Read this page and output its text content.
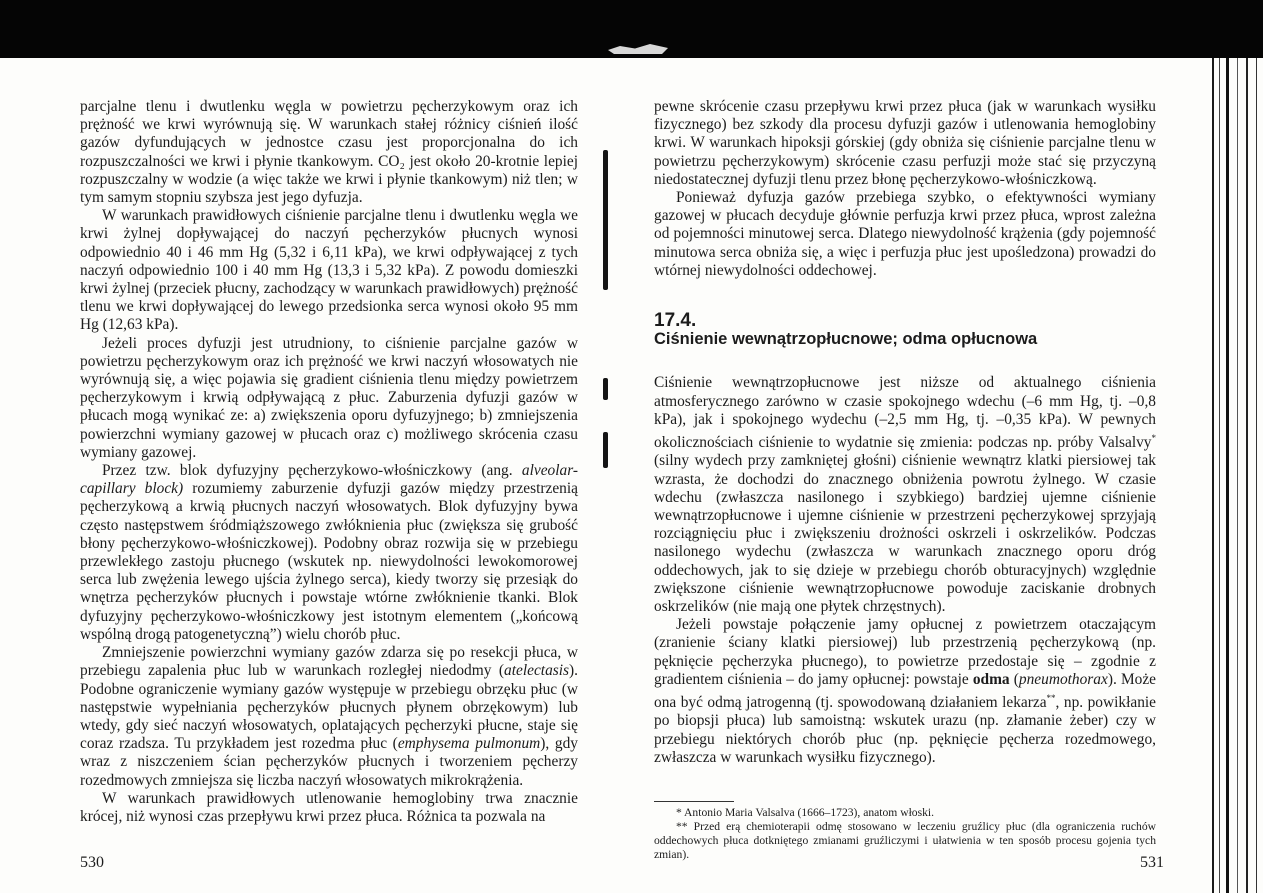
parcjalne tlenu i dwutlenku węgla w powietrzu pęcherzykowym oraz ich prężność we krwi wyrównują się. W warunkach stałej różnicy ciśnień ilość gazów dyfundujących w jednostce czasu jest proporcjonalna do ich rozpuszczalności we krwi i płynie tkankowym. CO₂ jest około 20-krotnie lepiej rozpuszczalny w wodzie (a więc także we krwi i płynie tkankowym) niż tlen; w tym samym stopniu szybsza jest jego dyfuzja.

W warunkach prawidłowych ciśnienie parcjalne tlenu i dwutlenku węgla we krwi żylnej dopływającej do naczyń pęcherzyków płucnych wynosi odpowiednio 40 i 46 mm Hg (5,32 i 6,11 kPa), we krwi odpływającej z tych naczyń odpowiednio 100 i 40 mm Hg (13,3 i 5,32 kPa). Z powodu domieszki krwi żylnej (przeciek płucny, zachodzący w warunkach prawidłowych) prężność tlenu we krwi dopływającej do lewego przedsionka serca wynosi około 95 mm Hg (12,63 kPa).

Jeżeli proces dyfuzji jest utrudniony, to ciśnienie parcjalne gazów w powietrzu pęcherzykowym oraz ich prężność we krwi naczyń włosowatych nie wyrównują się, a więc pojawia się gradient ciśnienia tlenu między powietrzem pęcherzykowym i krwią odpływającą z płuc. Zaburzenia dyfuzji gazów w płucach mogą wynikać ze: a) zwiększenia oporu dyfuzyjnego; b) zmniejszenia powierzchni wymiany gazowej w płucach oraz c) możliwego skrócenia czasu wymiany gazowej.

Przez tzw. blok dyfuzyjny pęcherzykowo-włośniczkowy (ang. alveolar-capillary block) rozumiemy zaburzenie dyfuzji gazów między przestrzenią pęcherzykową a krwią płucnych naczyń włosowatych. Blok dyfuzyjny bywa często następstwem śródmiąższowego zwłóknienia płuc (zwiększa się grubość błony pęcherzykowo-włośniczkowej). Podobny obraz rozwija się w przebiegu przewlekłego zastoju płucnego (wskutek np. niewydolności lewokomorowej serca lub zwężenia lewego ujścia żylnego serca), kiedy tworzy się przesiąk do wnętrza pęcherzyków płucnych i powstaje wtórne zwłóknienie tkanki. Blok dyfuzyjny pęcherzykowo-włośniczkowy jest istotnym elementem („końcową wspólną drogą patogenetyczną”) wielu chorób płuc.

Zmniejszenie powierzchni wymiany gazów zdarza się po resekcji płuca, w przebiegu zapalenia płuc lub w warunkach rozległej niedodmy (atelectasis). Podobne ograniczenie wymiany gazów występuje w przebiegu obrzęku płuc (w następstwie wypełniania pęcherzyków płucnych płynem obrzękowym) lub wtedy, gdy sieć naczyń włosowatych, oplatających pęcherzyki płucne, staje się coraz rzadsza. Tu przykładem jest rozedma płuc (emphysema pulmonum), gdy wraz z niszczeniem ścian pęcherzyków płucnych i tworzeniem pęcherzy rozedmowych zmniejsza się liczba naczyń włosowatych mikrokrążenia.

W warunkach prawidłowych utlenowanie hemoglobiny trwa znacznie krócej, niż wynosi czas przepływu krwi przez płuca. Różnica ta pozwala na

530

pewne skrócenie czasu przepływu krwi przez płuca (jak w warunkach wysiłku fizycznego) bez szkody dla procesu dyfuzji gazów i utlenowania hemoglobiny krwi. W warunkach hipoksji górskiej (gdy obniża się ciśnienie parcjalne tlenu w powietrzu pęcherzykowym) skrócenie czasu perfuzji może stać się przyczyną niedostatecznej dyfuzji tlenu przez błonę pęcherzykowo-włośniczkową.

Ponieważ dyfuzja gazów przebiega szybko, o efektywności wymiany gazowej w płucach decyduje głównie perfuzja krwi przez płuca, wprost zależna od pojemności minutowej serca. Dlatego niewydolność krążenia (gdy pojemność minutowa serca obniża się, a więc i perfuzja płuc jest upośledzona) prowadzi do wtórnej niewydolności oddechowej.

17.4.
Ciśnienie wewnątrzopłucnowe; odma opłucnowa

Ciśnienie wewnątrzopłucnowe jest niższe od aktualnego ciśnienia atmosferycznego zarówno w czasie spokojnego wdechu (–6 mm Hg, tj. –0,8 kPa), jak i spokojnego wydechu (–2,5 mm Hg, tj. –0,35 kPa). W pewnych okolicznościach ciśnienie to wydatnie się zmienia: podczas np. próby Valsalvy* (silny wydech przy zamkniętej głośni) ciśnienie wewnątrz klatki piersiowej tak wzrasta, że dochodzi do znacznego obniżenia powrotu żylnego. W czasie wdechu (zwłaszcza nasilonego i szybkiego) bardziej ujemne ciśnienie wewnątrzopłucnowe i ujemne ciśnienie w przestrzeni pęcherzykowej sprzyjają rozciągnięciu płuc i zwiększeniu drożności oskrzeli i oskrzelików. Podczas nasilonego wydechu (zwłaszcza w warunkach znacznego oporu dróg oddechowych, jak to się dzieje w przebiegu chorób obturacyjnych) względnie zwiększone ciśnienie wewnątrzopłucnowe powoduje zaciskanie drobnych oskrzelików (nie mają one płytek chrzęstnych).

Jeżeli powstaje połączenie jamy opłucnej z powietrzem otaczającym (zranienie ściany klatki piersiowej) lub przestrzenią pęcherzykową (np. pęknięcie pęcherzyka płucnego), to powietrze przedostaje się – zgodnie z gradientem ciśnienia – do jamy opłucnej: powstaje odma (pneumothorax). Może ona być odmą jatrogenną (tj. spowodowaną działaniem lekarza**, np. powikłanie po biopsji płuca) lub samoistną: wskutek urazu (np. złamanie żeber) czy w przebiegu niektórych chorób płuc (np. pęknięcie pęcherza rozedmowego, zwłaszcza w warunkach wysiłku fizycznego).

* Antonio Maria Valsalva (1666–1723), anatom włoski.

** Przed erą chemioterapii odmę stosowano w leczeniu gruźlicy płuc (dla ograniczenia ruchów oddechowych płuca dotkniętego zmianami gruźliczymi i ułatwienia w ten sposób procesu gojenia tych zmian).	531
